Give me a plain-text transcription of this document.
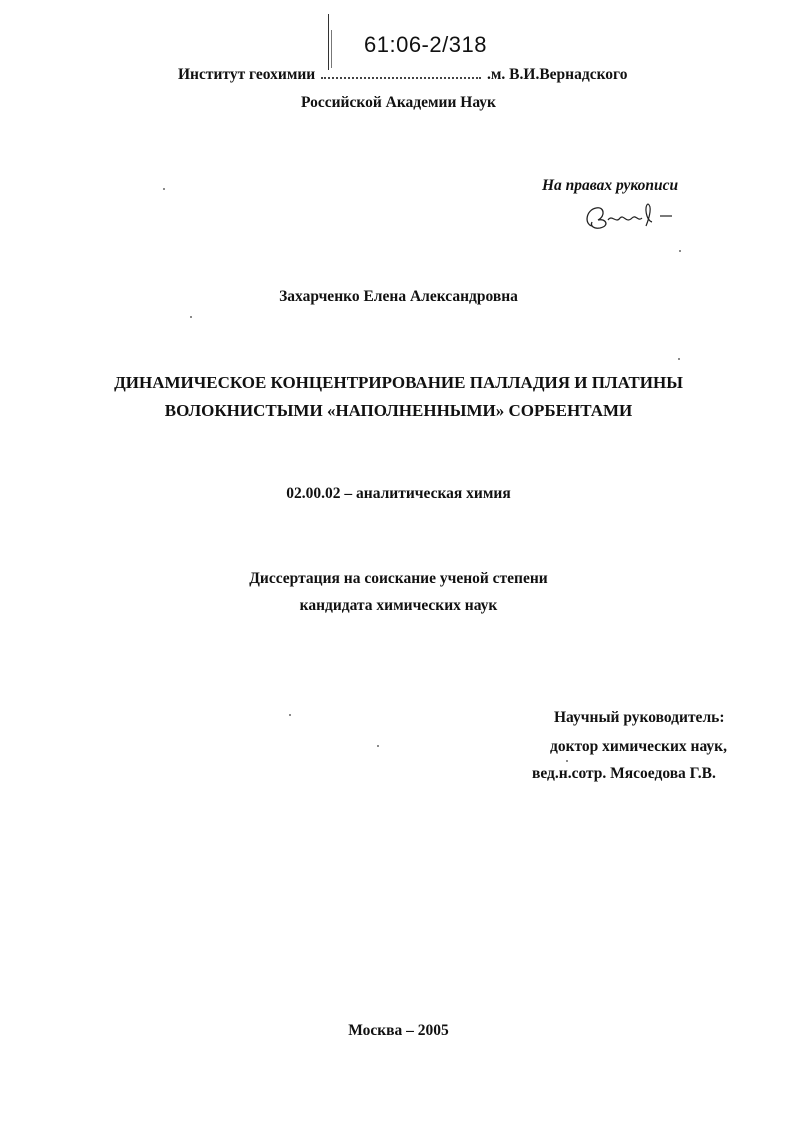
61:06-2/318
Институт геохимии	.м. В.И.Вернадского
Российской Академии Наук
На правах рукописи
Захарченко Елена Александровна
ДИНАМИЧЕСКОЕ КОНЦЕНТРИРОВАНИЕ ПАЛЛАДИЯ И ПЛАТИНЫ
ВОЛОКНИСТЫМИ «НАПОЛНЕННЫМИ» СОРБЕНТАМИ
02.00.02 – аналитическая химия
Диссертация на соискание ученой степени
кандидата химических наук
Научный руководитель:
доктор химических наук,
вед.н.сотр. Мясоедова Г.В.
Москва – 2005
